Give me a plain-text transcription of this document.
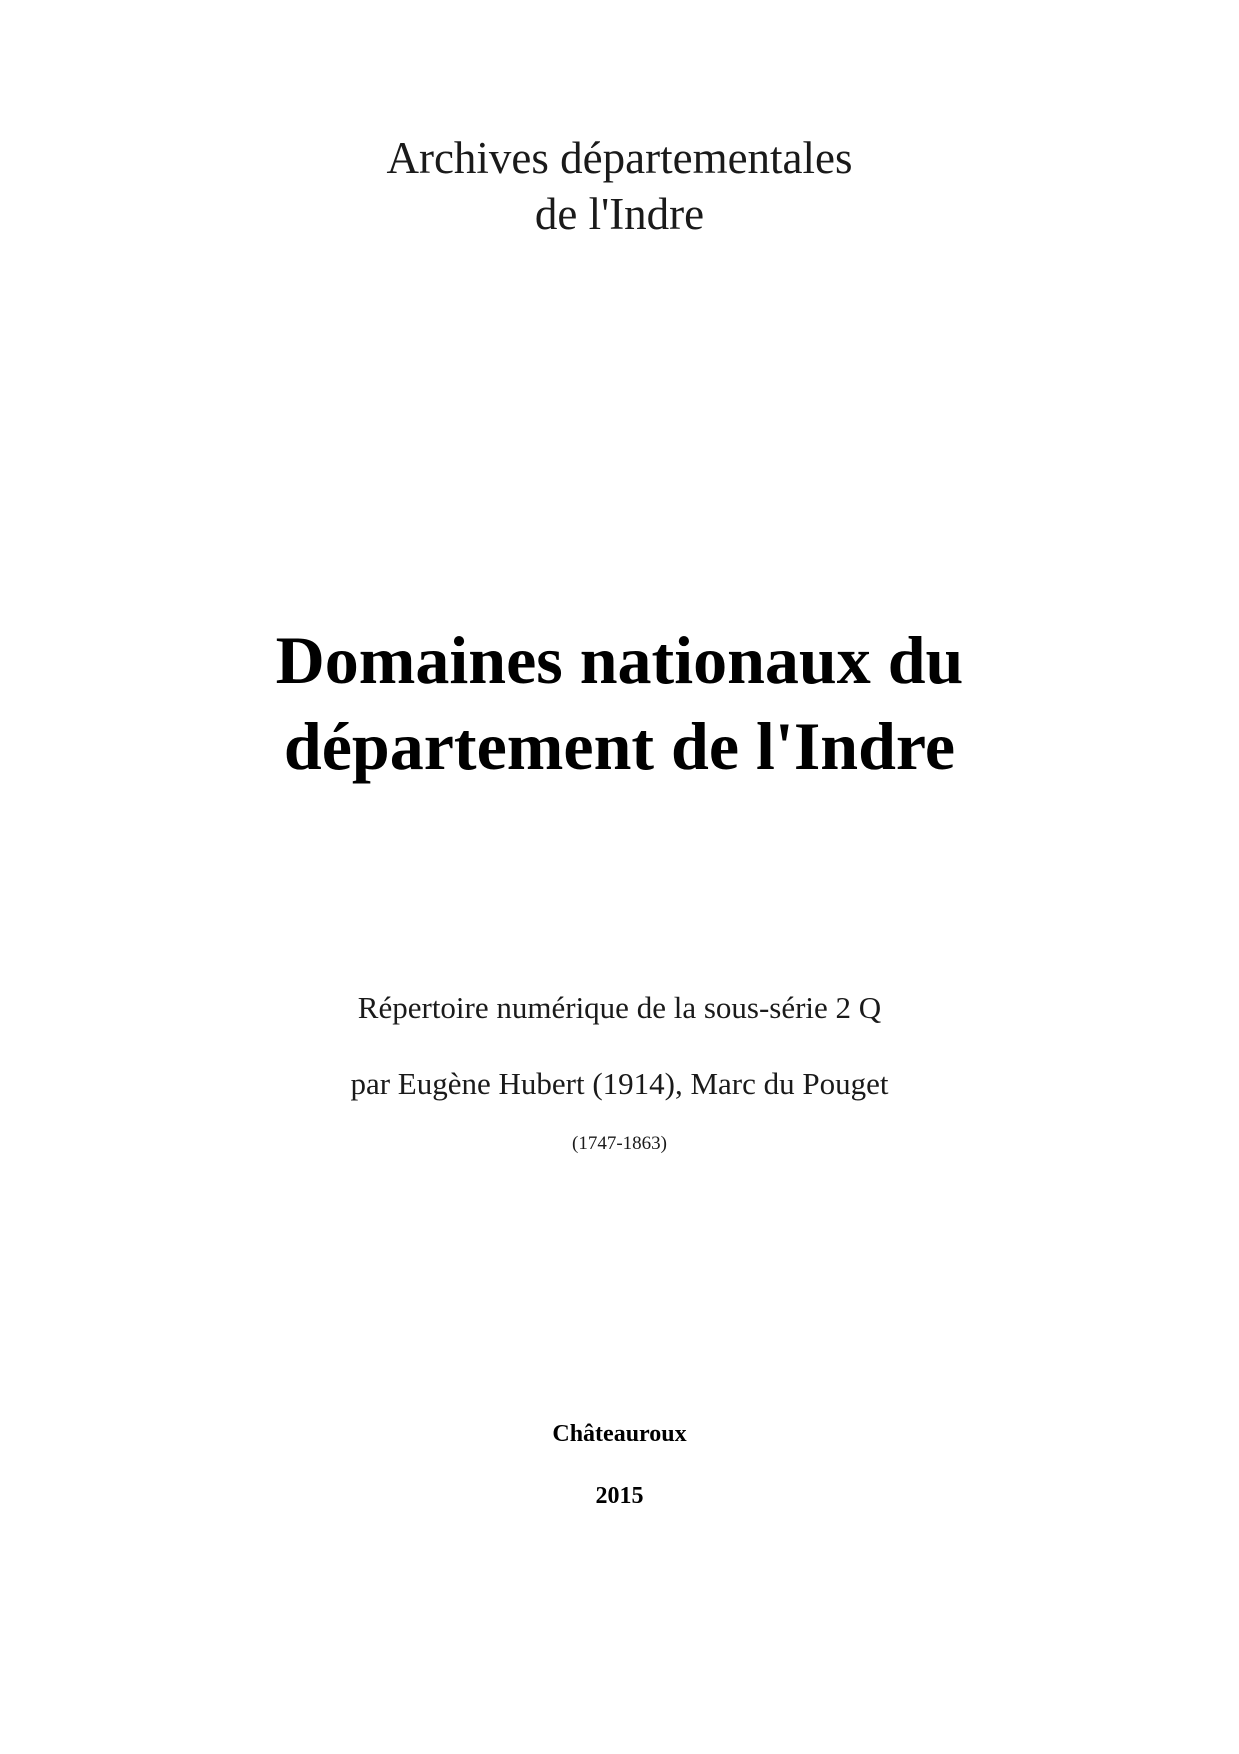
Archives départementales

de l'Indre

Domaines nationaux du
département de l'Indre

Répertoire numérique de la sous-série 2 Q

par Eugène Hubert (1914), Marc du Pouget

(1747-1863)

Châteauroux

2015
